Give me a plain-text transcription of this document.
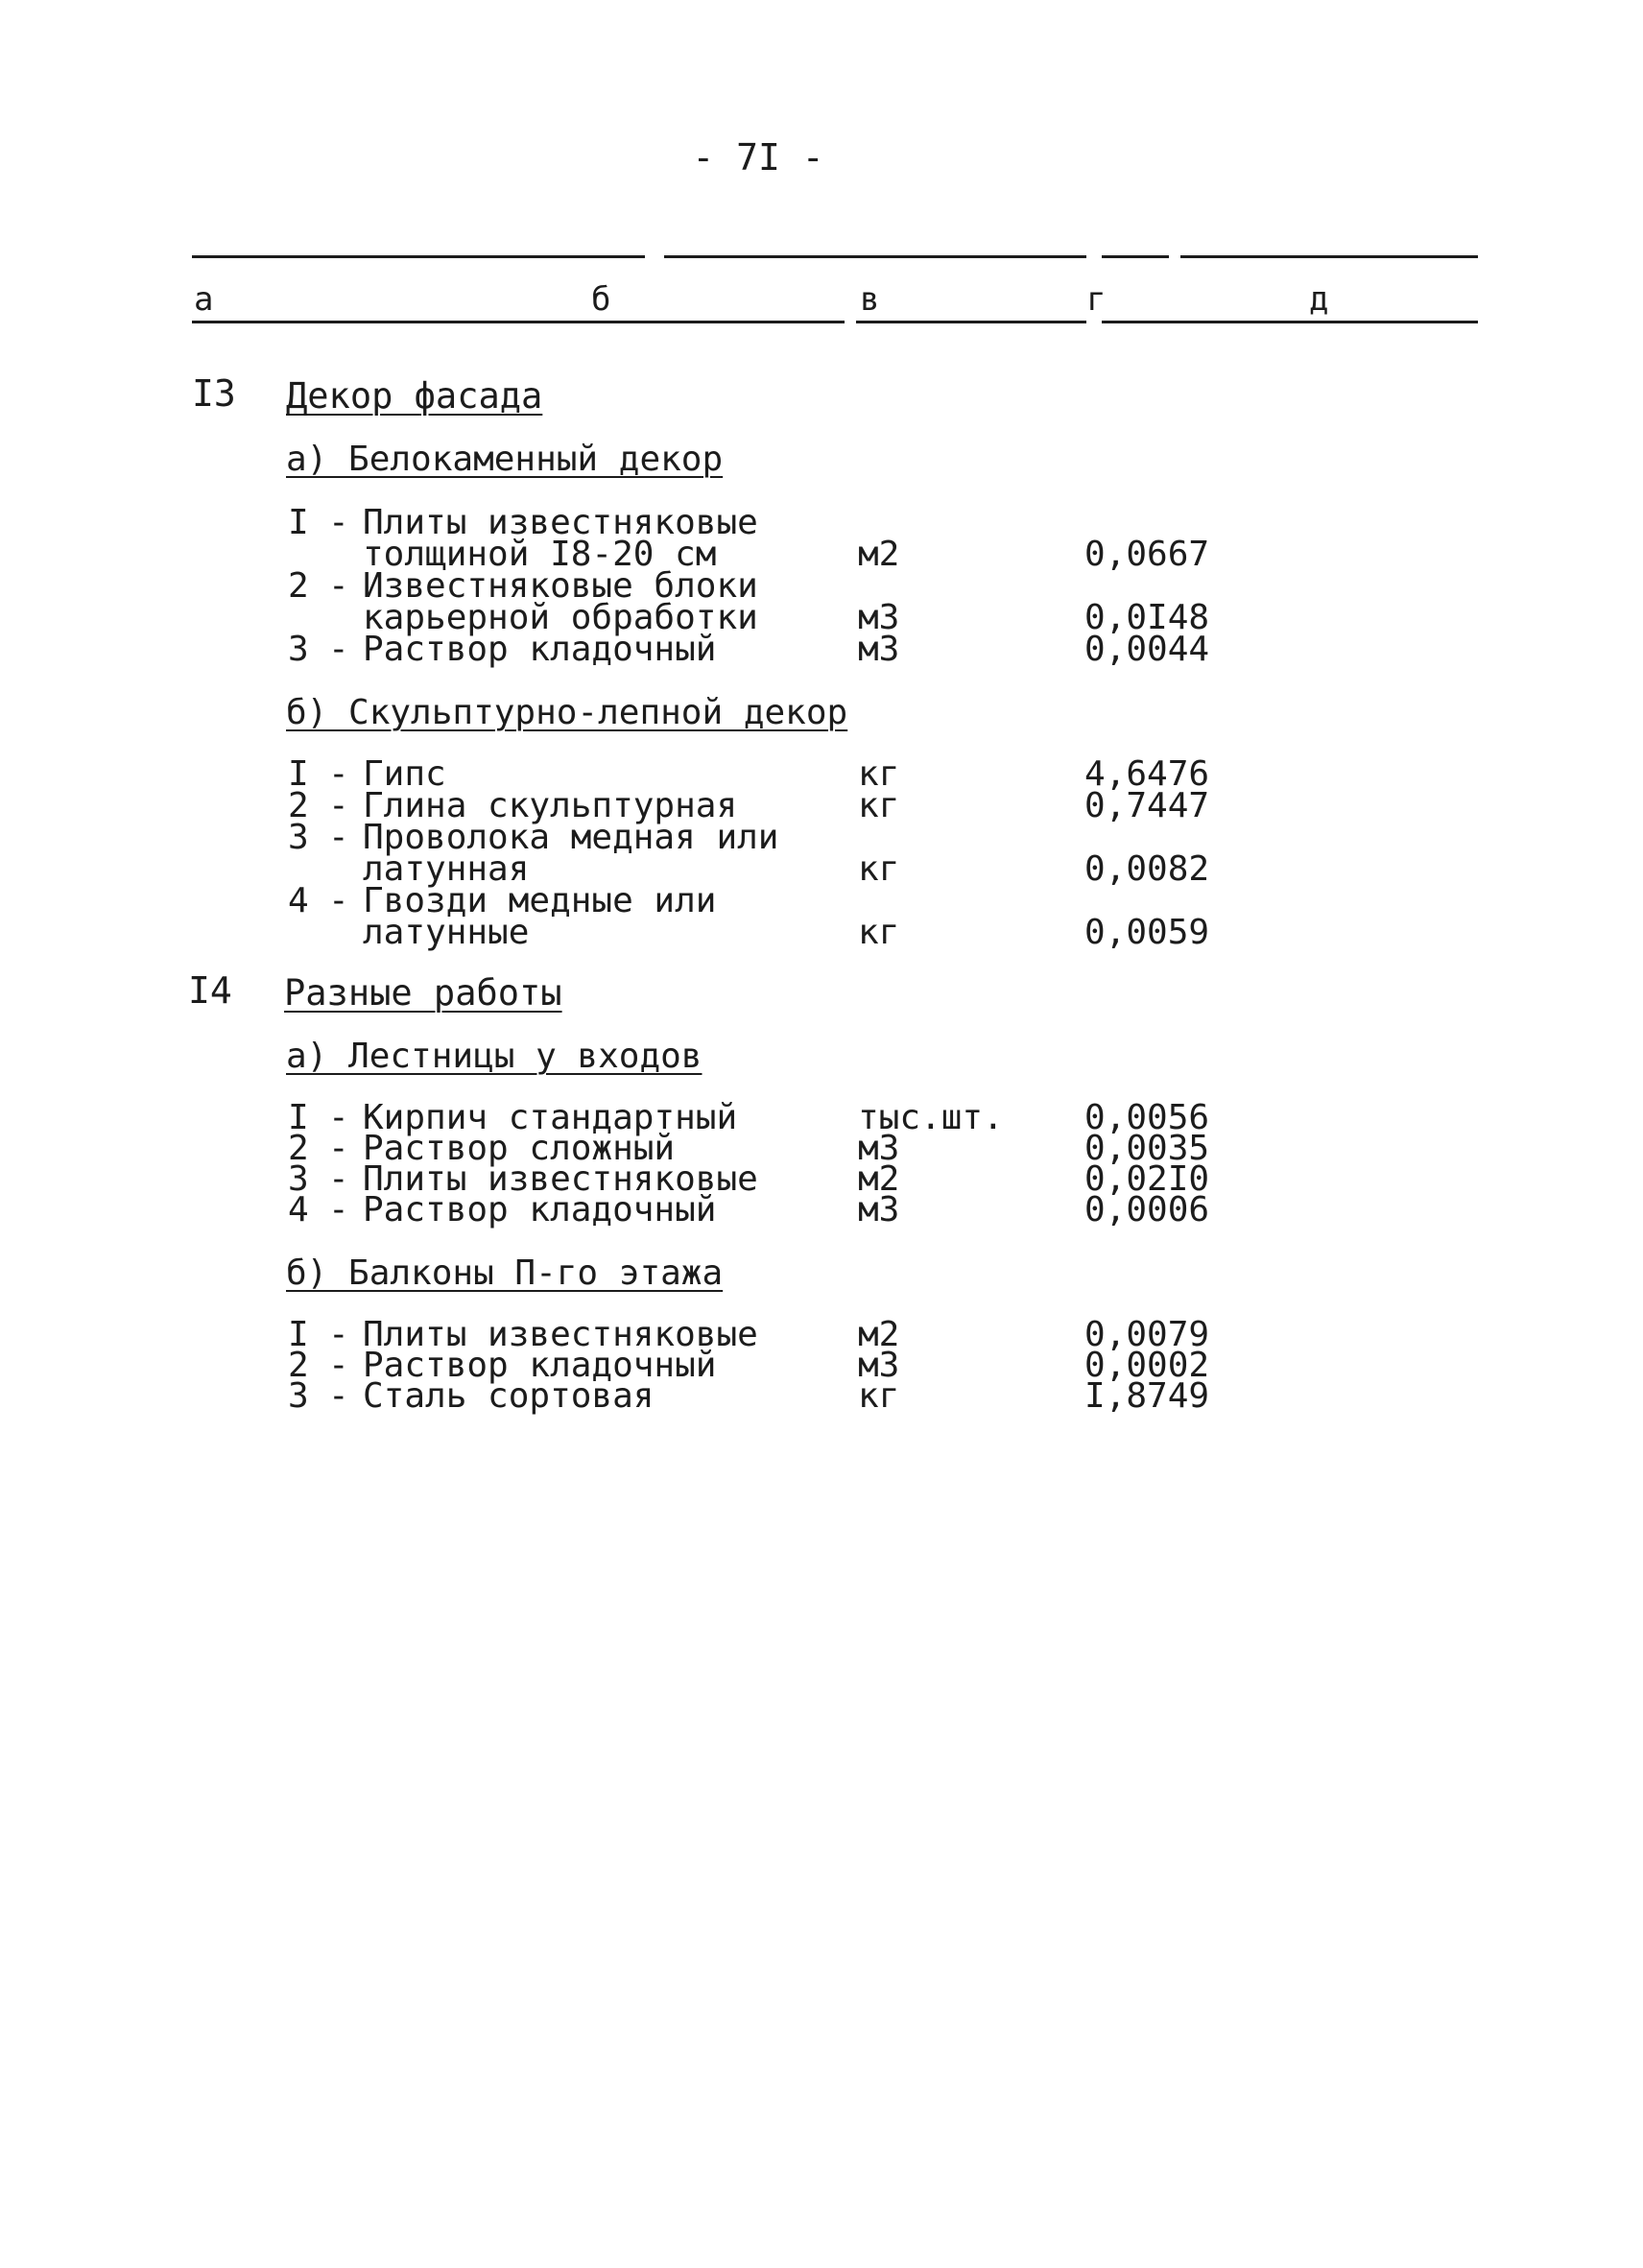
- 7I -
а	б	в	г	д
I3 Декор фасада
а) Белокаменный декор
I - Плиты известняковые
толщиной I8-20 см	м2	0,0667
2 - Известняковые блоки
карьерной обработки	м3	0,0I48
3 - Раствор кладочный	м3	0,0044
б) Скульптурно-лепной декор
I - Гипс	кг	4,6476
2 - Глина скульптурная	кг	0,7447
3 - Проволока медная или
латунная	кг	0,0082
4 - Гвозди медные или
латунные	кг	0,0059
I4 Разные работы
а) Лестницы у входов
I - Кирпич стандартный	тыс.шт. 0,0056
2 - Раствор сложный	м3	0,0035
3 - Плиты известняковые	м2	0,02I0
4 - Раствор кладочный	м3	0,0006
б) Балконы П-го этажа
I - Плиты известняковые	м2	0,0079
2 - Раствор кладочный	м3	0,0002
3 - Сталь сортовая	кг	I,8749
